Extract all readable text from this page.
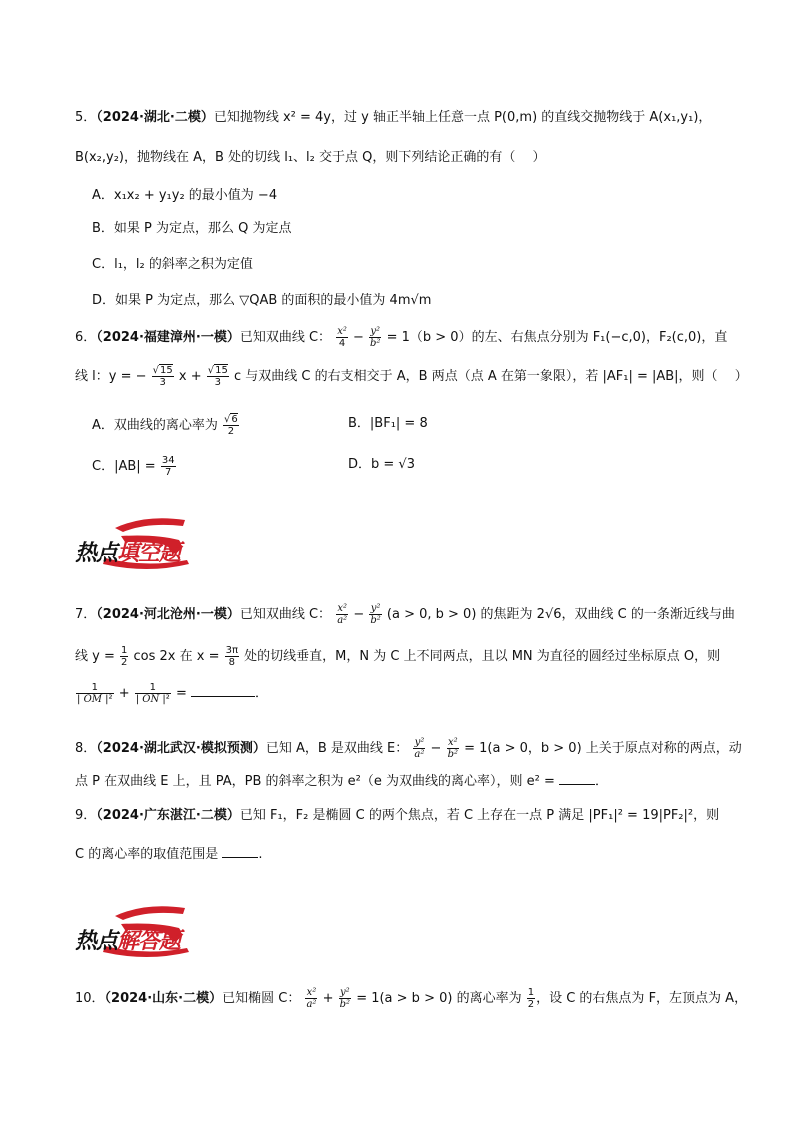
5．（2024·湖北·二模）已知抛物线 x² = 4y，过 y 轴正半轴上任意一点 P(0,m) 的直线交抛物线于 A(x₁,y₁)，
B(x₂,y₂)，抛物线在 A，B 处的切线 l₁、l₂ 交于点 Q，则下列结论正确的有（　 ）
A．x₁x₂ + y₁y₂ 的最小值为 −4
B．如果 P 为定点，那么 Q 为定点
C．l₁，l₂ 的斜率之积为定值
D．如果 P 为定点，那么 ▽QAB 的面积的最小值为 4m√m
6．（2024·福建漳州·一模）已知双曲线 C： $\frac{\text{x²}}{4} - \frac{\text{y²}}{\text{b²}} = 1(b > 0)$的左、右焦点分别为 F₁(−c,0)，F₂(c,0)，直
线 l：y = − $\frac{√15}{3}$ $x + \frac{√15}{3}$ c 与双曲线 C 的右支相交于 A，B 两点（点 A 在第一象限），若 |AF₁| = |AB|，则（　 ）
A．双曲线的离心率为 $\frac{√6}{2}$	B．|BF₁| = 8
C．$|AB| = \frac{34}{7}$	D．b = √3
热点填空题
7．（2024·河北沧州·一模）已知双曲线 C： $\frac{\text{x²}}{\text{a²}} - \frac{\text{y²}}{\text{b²}} (a > 0$, b > 0) 的焦距为 2√6，双曲线 C 的一条渐近线与曲
线 $y = \frac{1}{2}$ cos 2x 在 $x = \frac{3\pi}{8}$ 处的切线垂直，M，N 为 C 上不同两点，且以 MN 为直径的圆经过坐标原点 O，则
$\frac{1}{\text{| OM |²}} + \frac{1}{\text{| ON |²}}$ =	．
8．（2024·湖北武汉·模拟预测）已知 A，B 是双曲线 E： $\frac{\text{y²}}{\text{a²}} - \frac{\text{x²}}{\text{b²}} = 1(a > 0$，b > 0) 上关于原点对称的两点，动
点 P 在双曲线 E 上，且 PA，PB 的斜率之积为 e²（e 为双曲线的离心率），则 e² =	．
9．（2024·广东湛江·二模）已知 F₁，F₂ 是椭圆 C 的两个焦点，若 C 上存在一点 P 满足 |PF₁|² = 19|PF₂|²，则
C 的离心率的取值范围是	.
热点解答题
10．（2024·山东·二模）已知椭圆 C： $\frac{\text{x²}}{\text{a²}} + \frac{\text{y²}}{\text{b²}} = 1(a > b > 0)$ 的离心率为 $\frac{1}{2}$ ，设 C 的右焦点为 F，左顶点为 A，
